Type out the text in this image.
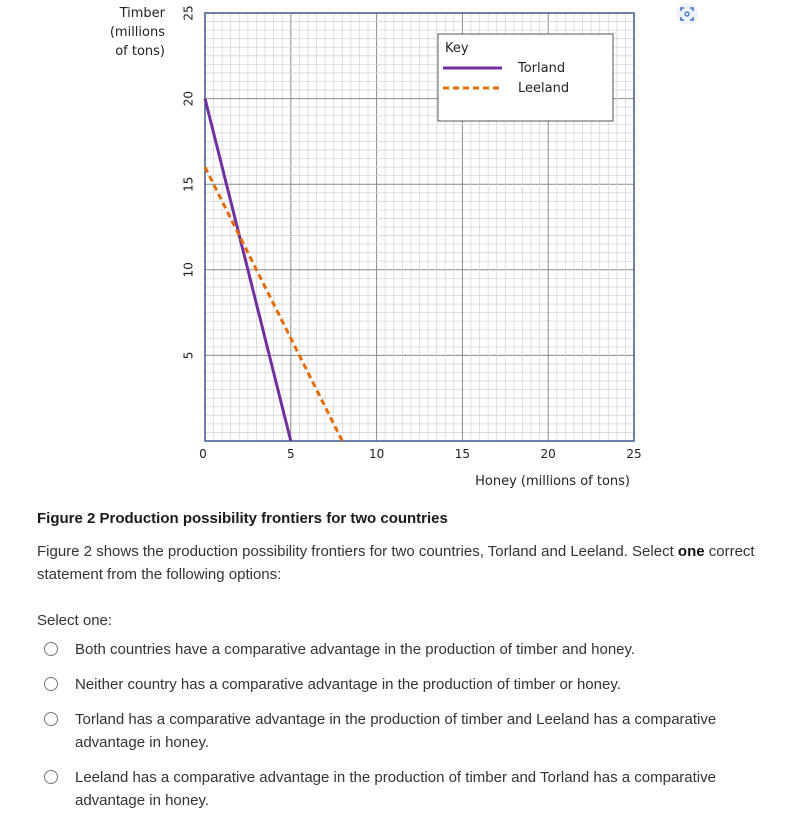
5
10
15
20
25
0	5	10	15	20	25
Timber
(millions
of tons)
Honey (millions of tons)
Key
Torland
Leeland
Figure 2 Production possibility frontiers for two countries
Figure 2 shows the production possibility frontiers for two countries, Torland and Leeland. Select one correct statement from the following options:
Select one:
Both countries have a comparative advantage in the production of timber and honey.
Neither country has a comparative advantage in the production of timber or honey.
Torland has a comparative advantage in the production of timber and Leeland has a comparative advantage in honey.
Leeland has a comparative advantage in the production of timber and Torland has a comparative advantage in honey.
